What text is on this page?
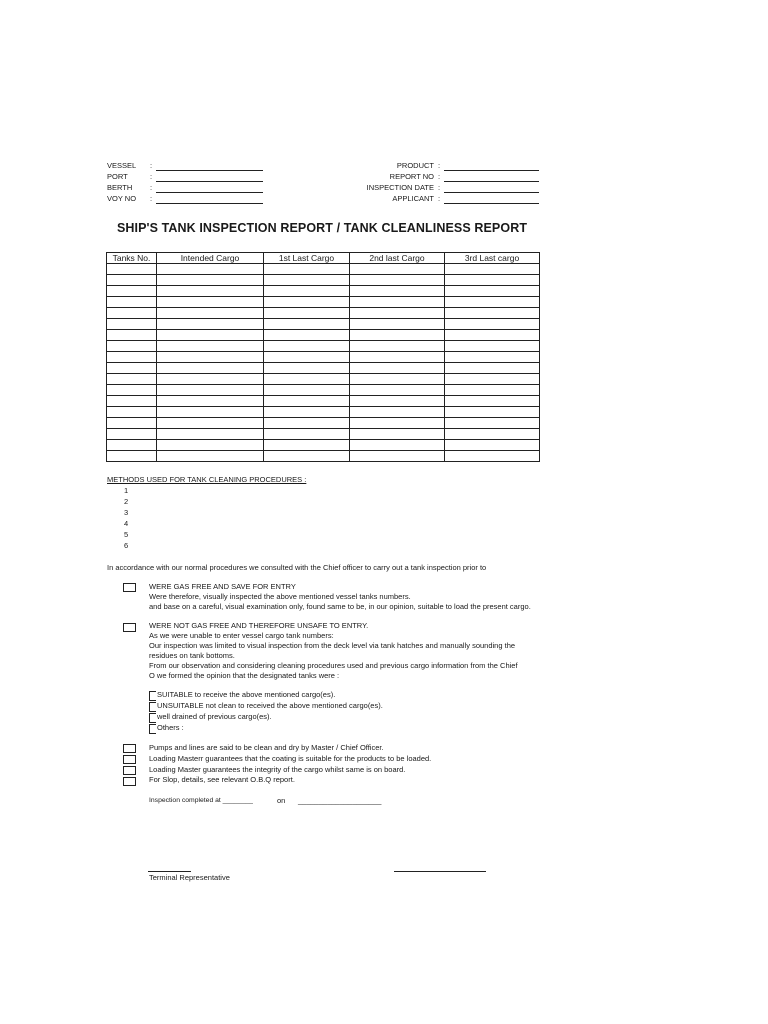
VESSEL	:
PORT	:
BERTH	:
VOY NO	:
PRODUCT :
REPORT NO :
INSPECTION DATE :
APPLICANT :
SHIP'S TANK INSPECTION REPORT / TANK CLEANLINESS REPORT
Tanks No.	Intended Cargo	1st Last Cargo	2nd last Cargo	3rd Last cargo

METHODS USED FOR TANK CLEANING PROCEDURES :
1
2
3
4
5
6
In accordance with our normal procedures we consulted with the Chief officer to carry out a tank inspection prior to
WERE GAS FREE AND SAVE FOR ENTRY
Were therefore, visually inspected the above mentioned vessel tanks numbers.
and base on a careful, visual examination only, found same to be, in our opinion, suitable to load the present cargo.
WERE NOT GAS FREE AND THEREFORE UNSAFE TO ENTRY.
As we were unable to enter vessel cargo tank numbers:
Our inspection was limited to visual inspection from the deck level via tank hatches and manually sounding the
residues on tank bottoms.
From our observation and considering cleaning procedures used and previous cargo information from the Chief
O we formed the opinion that the designated tanks were :
SUITABLE to receive the above mentioned cargo(es).
UNSUITABLE not clean to received the above mentioned cargo(es).
well drained of previous cargo(es).
Others :
Pumps and lines are said to be clean and dry by Master / Chief Officer.
Loading Masterr guarantees that the coating is suitable for the products to be loaded.
Loading Master guarantees the integrity of the cargo whilst same is on board.
For Slop, details, see relevant O.B.Q report.
Inspection completed at ________	on ____________________
Terminal Representative
